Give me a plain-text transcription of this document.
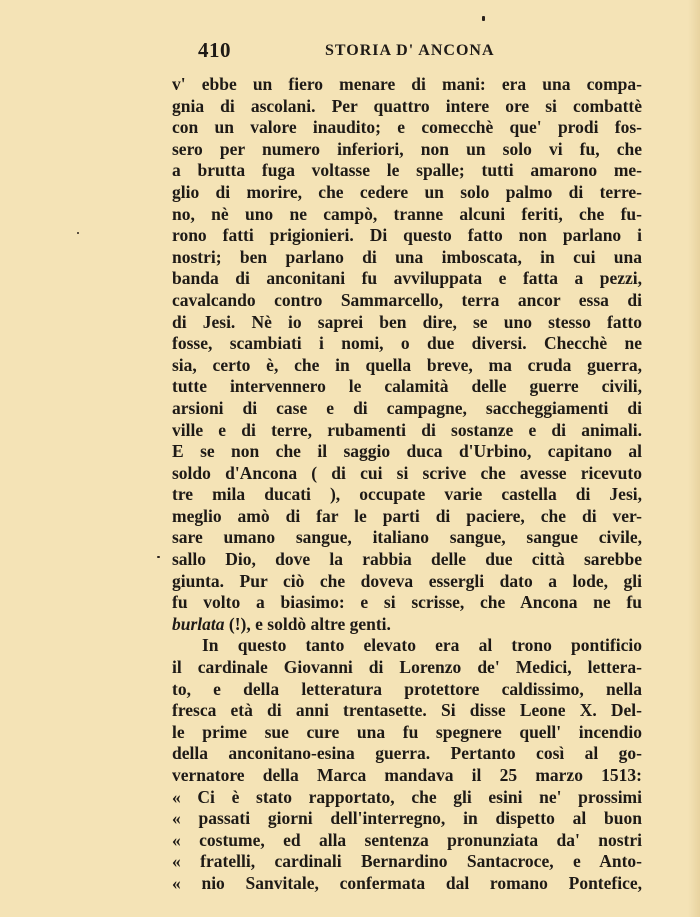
410	STORIA D' ANCONA
v' ebbe un fiero menare di mani: era una compa-
gnia di ascolani. Per quattro intere ore si combattè
con un valore inaudito; e comecchè que' prodi fos-
sero per numero inferiori, non un solo vi fu, che
a brutta fuga voltasse le spalle; tutti amarono me-
glio di morire, che cedere un solo palmo di terre-
no, nè uno ne campò, tranne alcuni feriti, che fu-
rono fatti prigionieri. Di questo fatto non parlano i
nostri; ben parlano di una imboscata, in cui una
banda di anconitani fu avviluppata e fatta a pezzi,
cavalcando contro Sammarcello, terra ancor essa di
di Jesi. Nè io saprei ben dire, se uno stesso fatto
fosse, scambiati i nomi, o due diversi. Checchè ne
sia, certo è, che in quella breve, ma cruda guerra,
tutte intervennero le calamità delle guerre civili,
arsioni di case e di campagne, saccheggiamenti di
ville e di terre, rubamenti di sostanze e di animali.
E se non che il saggio duca d'Urbino, capitano al
soldo d'Ancona ( di cui si scrive che avesse ricevuto
tre mila ducati ), occupate varie castella di Jesi,
meglio amò di far le parti di paciere, che di ver-
sare umano sangue, italiano sangue, sangue civile,
sallo Dio, dove la rabbia delle due città sarebbe
giunta. Pur ciò che doveva essergli dato a lode, gli
fu volto a biasimo: e si scrisse, che Ancona ne fu
burlata (!), e soldò altre genti.
In questo tanto elevato era al trono pontificio
il cardinale Giovanni di Lorenzo de' Medici, lettera-
to, e della letteratura protettore caldissimo, nella
fresca età di anni trentasette. Si disse Leone X. Del-
le prime sue cure una fu spegnere quell' incendio
della anconitano-esina guerra. Pertanto così al go-
vernatore della Marca mandava il 25 marzo 1513:
« Ci è stato rapportato, che gli esini ne' prossimi
« passati giorni dell'interregno, in dispetto al buon
« costume, ed alla sentenza pronunziata da' nostri
« fratelli, cardinali Bernardino Santacroce, e Anto-
« nio Sanvitale, confermata dal romano Pontefice,
